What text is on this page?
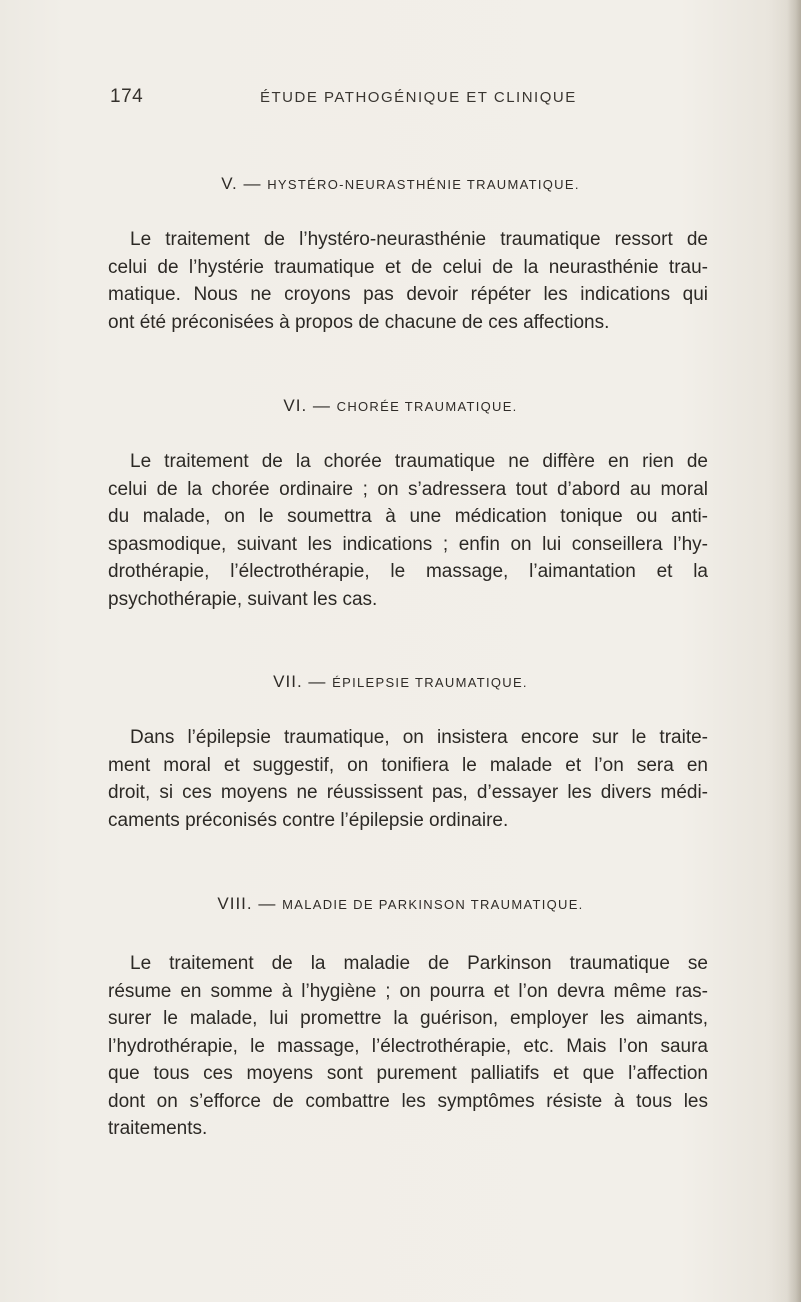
174	ÉTUDE PATHOGÉNIQUE ET CLINIQUE
V. — HYSTÉRO-NEURASTHÉNIE TRAUMATIQUE.
Le traitement de l’hystéro-neurasthénie traumatique ressort de
celui de l’hystérie traumatique et de celui de la neurasthénie trau-
matique. Nous ne croyons pas devoir répéter les indications qui
ont été préconisées à propos de chacune de ces affections.
VI. — CHORÉE TRAUMATIQUE.
Le traitement de la chorée traumatique ne diffère en rien de
celui de la chorée ordinaire ; on s’adressera tout d’abord au moral
du malade, on le soumettra à une médication tonique ou anti-
spasmodique, suivant les indications ; enfin on lui conseillera l’hy-
drothérapie, l’électrothérapie, le massage, l’aimantation et la
psychothérapie, suivant les cas.
VII. — ÉPILEPSIE TRAUMATIQUE.
Dans l’épilepsie traumatique, on insistera encore sur le traite-
ment moral et suggestif, on tonifiera le malade et l’on sera en
droit, si ces moyens ne réussissent pas, d’essayer les divers médi-
caments préconisés contre l’épilepsie ordinaire.
VIII. — MALADIE DE PARKINSON TRAUMATIQUE.
Le traitement de la maladie de Parkinson traumatique se
résume en somme à l’hygiène ; on pourra et l’on devra même ras-
surer le malade, lui promettre la guérison, employer les aimants,
l’hydrothérapie, le massage, l’électrothérapie, etc. Mais l’on saura
que tous ces moyens sont purement palliatifs et que l’affection
dont on s’efforce de combattre les symptômes résiste à tous les
traitements.
